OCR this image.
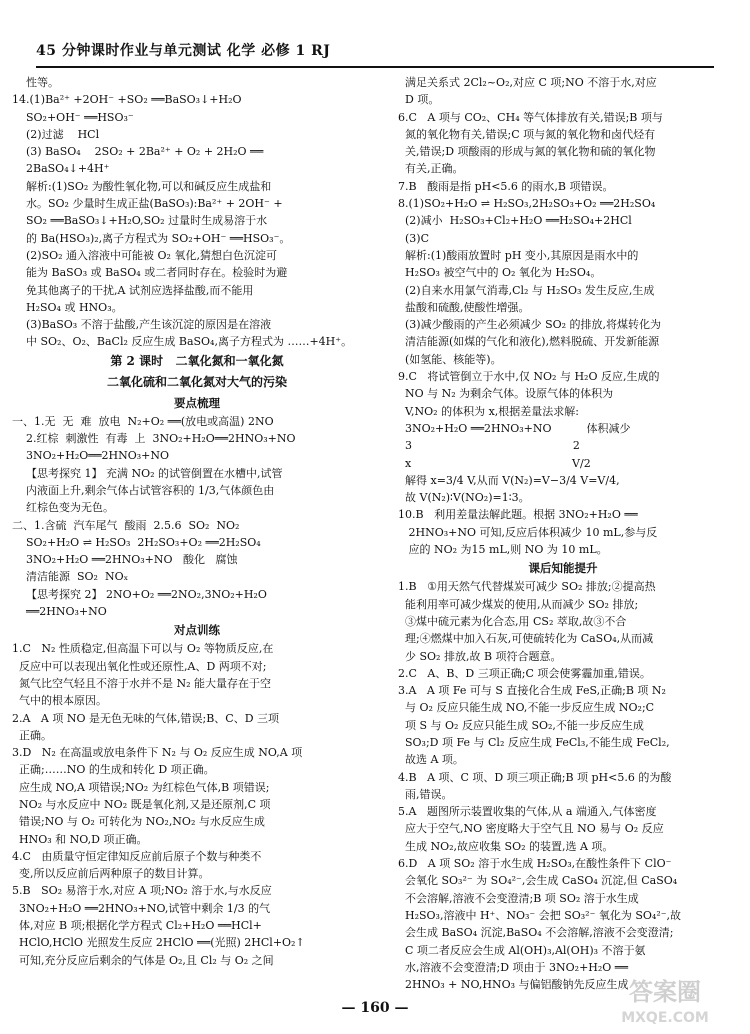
45 分钟课时作业与单元测试 化学 必修 1 RJ

性等。

14.(1)Ba²⁺ +2OH⁻ +SO₂ ══BaSO₃↓+H₂O

SO₂+OH⁻ ══HSO₃⁻

(2)过滤    HCl

(3) BaSO₄    2SO₂ + 2Ba²⁺ + O₂ + 2H₂O ══

2BaSO₄↓+4H⁺

解析:(1)SO₂ 为酸性氧化物,可以和碱反应生成盐和

水。SO₂ 少量时生成正盐(BaSO₃):Ba²⁺ + 2OH⁻ +

SO₂ ══BaSO₃↓+H₂O,SO₂ 过量时生成易溶于水

的 Ba(HSO₃)₂,离子方程式为 SO₂+OH⁻ ══HSO₃⁻。

(2)SO₂ 通入溶液中可能被 O₂ 氧化,猜想白色沉淀可

能为 BaSO₃ 或 BaSO₄ 或二者同时存在。检验时为避

免其他离子的干扰,A 试剂应选择盐酸,而不能用

H₂SO₄ 或 HNO₃。

(3)BaSO₃ 不溶于盐酸,产生该沉淀的原因是在溶液

中 SO₂、O₂、BaCl₂ 反应生成 BaSO₄,离子方程式为 ……+4H⁺。

第 2 课时   二氧化氮和一氧化氮

二氧化硫和二氧化氮对大气的污染

要点梳理

一、1.无  无  难  放电  N₂+O₂ ══(放电或高温) 2NO

2.红棕  刺激性  有毒  上  3NO₂+H₂O══2HNO₃+NO

3NO₂+H₂O══2HNO₃+NO

【思考探究 1】 充满 NO₂ 的试管倒置在水槽中,试管

内液面上升,剩余气体占试管容积的 1/3,气体颜色由

红棕色变为无色。

二、1.含硫  汽车尾气  酸雨  2.5.6  SO₂  NO₂

SO₂+H₂O ⇌ H₂SO₃  2H₂SO₃+O₂ ══2H₂SO₄

3NO₂+H₂O ══2HNO₃+NO   酸化   腐蚀

清洁能源  SO₂  NOₓ

【思考探究 2】 2NO+O₂ ══2NO₂,3NO₂+H₂O

══2HNO₃+NO

对点训练

1.C   N₂ 性质稳定,但高温下可以与 O₂ 等物质反应,在

反应中可以表现出氧化性或还原性,A、D 两项不对;

氮气比空气轻且不溶于水并不是 N₂ 能大量存在于空

气中的根本原因。

2.A   A 项 NO 是无色无味的气体,错误;B、C、D 三项

正确。

3.D   N₂ 在高温或放电条件下 N₂ 与 O₂ 反应生成 NO,A 项

正确;……NO 的生成和转化 D 项正确。

应生成 NO,A 项错误;NO₂ 为红棕色气体,B 项错误;

NO₂ 与水反应中 NO₂ 既是氧化剂,又是还原剂,C 项

错误;NO 与 O₂ 可转化为 NO₂,NO₂ 与水反应生成

HNO₃ 和 NO,D 项正确。

4.C   由质量守恒定律知反应前后原子个数与种类不

变,所以反应前后两种原子的数目计算。

5.B   SO₂ 易溶于水,对应 A 项;NO₂ 溶于水,与水反应

3NO₂+H₂O ══2HNO₃+NO,试管中剩余 1/3 的气

体,对应 B 项;根据化学方程式 Cl₂+H₂O ══HCl+

HClO,HClO 光照发生反应 2HClO ══(光照) 2HCl+O₂↑

可知,充分反应后剩余的气体是 O₂,且 Cl₂ 与 O₂ 之间

满足关系式 2Cl₂~O₂,对应 C 项;NO 不溶于水,对应

D 项。

6.C   A 项与 CO₂、CH₄ 等气体排放有关,错误;B 项与

氮的氧化物有关,错误;C 项与氮的氧化物和卤代烃有

关,错误;D 项酸雨的形成与氮的氧化物和硫的氧化物

有关,正确。

7.B   酸雨是指 pH<5.6 的雨水,B 项错误。

8.(1)SO₂+H₂O ⇌ H₂SO₃,2H₂SO₃+O₂ ══2H₂SO₄

(2)减小  H₂SO₃+Cl₂+H₂O ══H₂SO₄+2HCl

(3)C

解析:(1)酸雨放置时 pH 变小,其原因是雨水中的

H₂SO₃ 被空气中的 O₂ 氧化为 H₂SO₄。

(2)自来水用氯气消毒,Cl₂ 与 H₂SO₃ 发生反应,生成

盐酸和硫酸,使酸性增强。

(3)减少酸雨的产生必须减少 SO₂ 的排放,将煤转化为

清洁能源(如煤的气化和液化),燃料脱硫、开发新能源

(如氢能、核能等)。

9.C   将试管倒立于水中,仅 NO₂ 与 H₂O 反应,生成的

NO 与 N₂ 为剩余气体。设原气体的体积为

V,NO₂ 的体积为 x,根据差量法求解:

3NO₂+H₂O ══2HNO₃+NO          体积减少

3                                              2

x                                              V/2

解得 x=3/4 V,从而 V(N₂)=V−3/4 V=V/4,

故 V(N₂)∶V(NO₂)=1∶3。

10.B   利用差量法解此题。根据 3NO₂+H₂O ══

2HNO₃+NO 可知,反应后体积减少 10 mL,参与反

应的 NO₂ 为15 mL,则 NO 为 10 mL。

课后知能提升

1.B   ①用天然气代替煤炭可减少 SO₂ 排放;②提高热

能利用率可减少煤炭的使用,从而减少 SO₂ 排放;

③煤中硫元素为化合态,用 CS₂ 萃取,故③不合

理;④燃煤中加入石灰,可使硫转化为 CaSO₄,从而减

少 SO₂ 排放,故 B 项符合题意。

2.C   A、B、D 三项正确;C 项会使雾霾加重,错误。

3.A   A 项 Fe 可与 S 直接化合生成 FeS,正确;B 项 N₂

与 O₂ 反应只能生成 NO,不能一步反应生成 NO₂;C

项 S 与 O₂ 反应只能生成 SO₂,不能一步反应生成

SO₃;D 项 Fe 与 Cl₂ 反应生成 FeCl₃,不能生成 FeCl₂,

故选 A 项。

4.B   A 项、C 项、D 项三项正确;B 项 pH<5.6 的为酸

雨,错误。

5.A   题图所示装置收集的气体,从 a 端通入,气体密度

应大于空气,NO 密度略大于空气且 NO 易与 O₂ 反应

生成 NO₂,故应收集 SO₂ 的装置,选 A 项。

6.D   A 项 SO₂ 溶于水生成 H₂SO₃,在酸性条件下 ClO⁻

会氧化 SO₃²⁻ 为 SO₄²⁻,会生成 CaSO₄ 沉淀,但 CaSO₄

不会溶解,溶液不会变澄清;B 项 SO₂ 溶于水生成

H₂SO₃,溶液中 H⁺、NO₃⁻ 会把 SO₃²⁻ 氧化为 SO₄²⁻,故

会生成 BaSO₄ 沉淀,BaSO₄ 不会溶解,溶液不会变澄清;

C 项二者反应会生成 Al(OH)₃,Al(OH)₃ 不溶于氨

水,溶液不会变澄清;D 项由于 3NO₂+H₂O ══

2HNO₃ + NO,HNO₃ 与偏铝酸钠先反应生成

— 160 —
答案圈
MXQE.COM
